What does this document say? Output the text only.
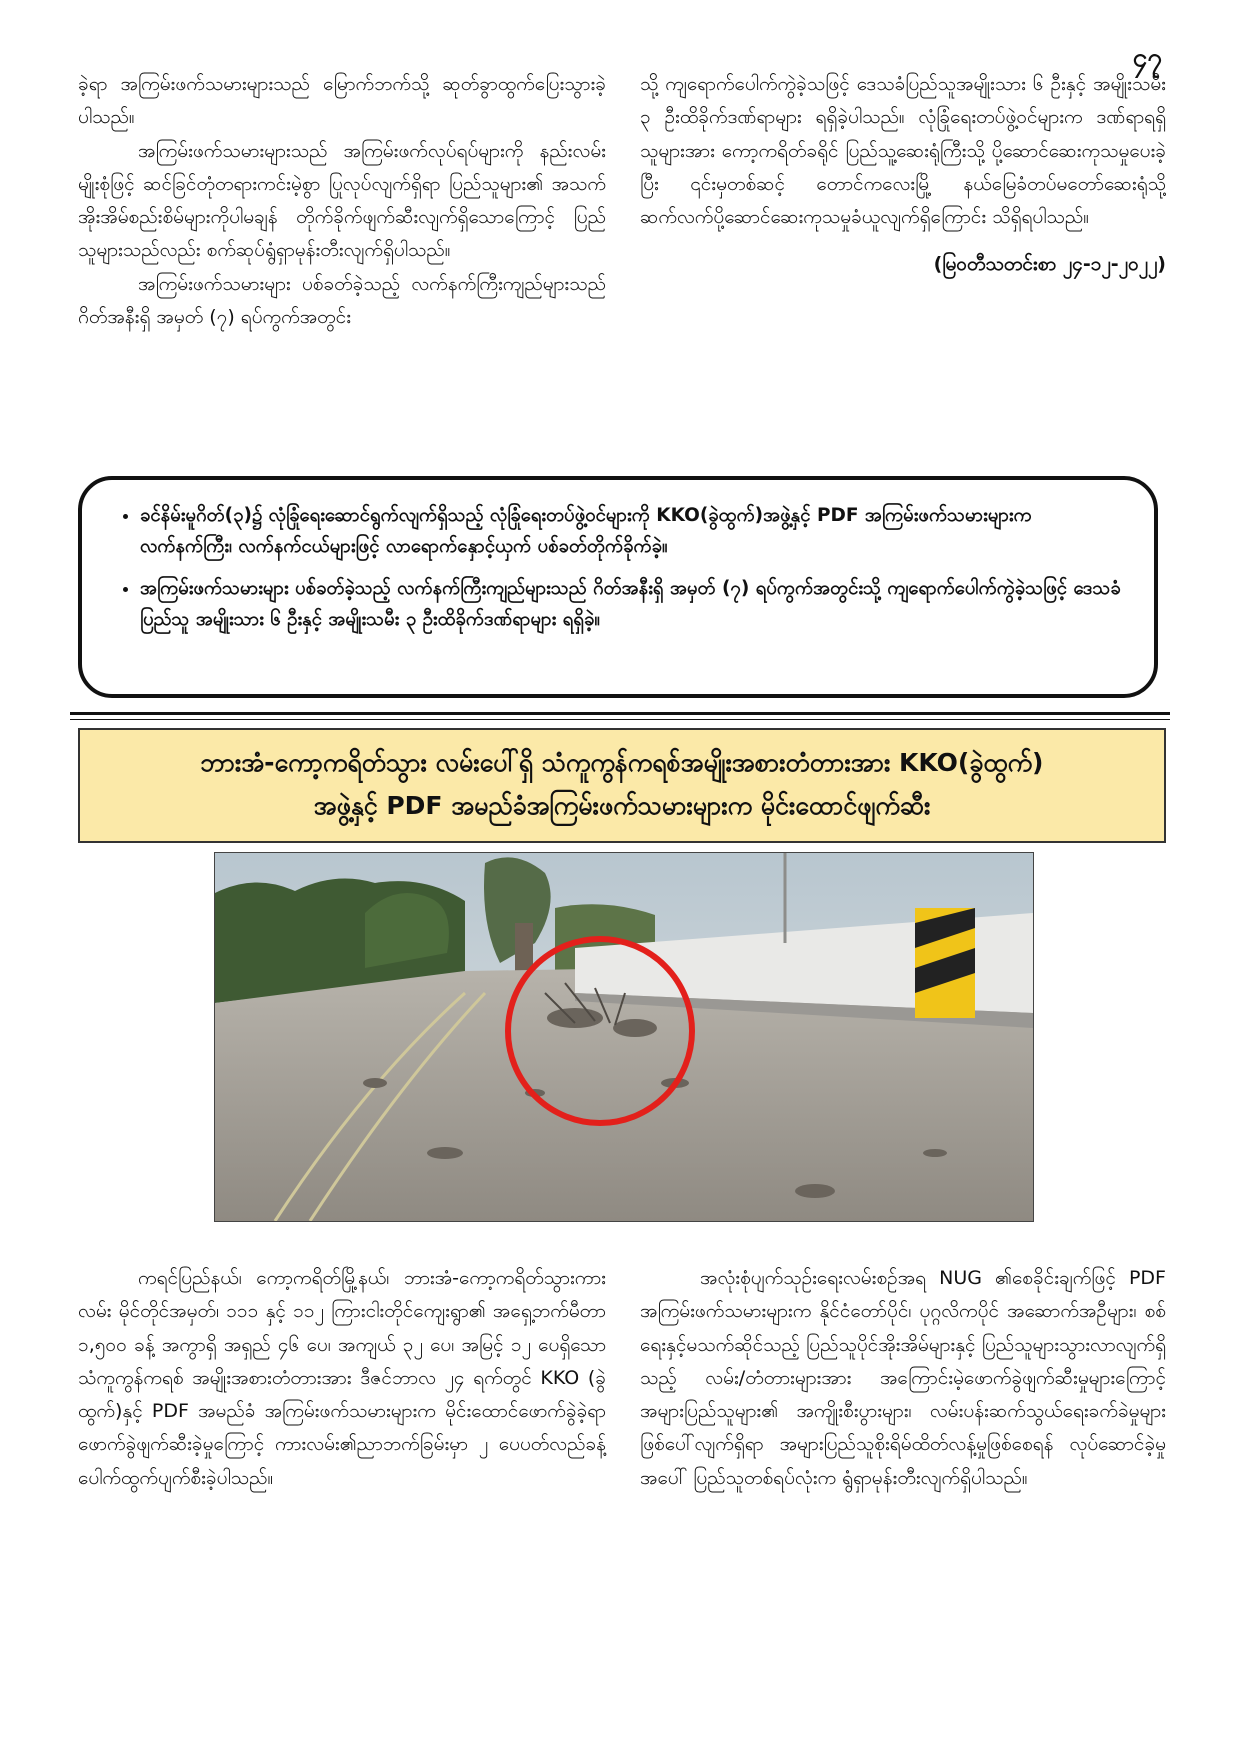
၄၇

ခဲ့ရာ အကြမ်းဖက်သမားများသည် မြောက်ဘက်သို့ ဆုတ်ခွာထွက်ပြေးသွားခဲ့ပါသည်။

အကြမ်းဖက်သမားများသည် အကြမ်းဖက်လုပ်ရပ်များကို နည်းလမ်းမျိုးစုံဖြင့် ဆင်ခြင်တုံတရားကင်းမဲ့စွာ ပြုလုပ်လျက်ရှိရာ ပြည်သူများ၏ အသက်အိုးအိမ်စည်းစိမ်များကိုပါမချန် တိုက်ခိုက်ဖျက်ဆီးလျက်ရှိသောကြောင့် ပြည်သူများသည်လည်း စက်ဆုပ်ရွံရှာမုန်းတီးလျက်ရှိပါသည်။

အကြမ်းဖက်သမားများ ပစ်ခတ်ခဲ့သည့် လက်နက်ကြီးကျည်များသည် ဂိတ်အနီးရှိ အမှတ် (၇) ရပ်ကွက်အတွင်း

သို့ ကျရောက်ပေါက်ကွဲခဲ့သဖြင့် ဒေသခံပြည်သူအမျိုးသား ၆ ဦးနှင့် အမျိုးသမီး ၃ ဦးထိခိုက်ဒဏ်ရာများ ရရှိခဲ့ပါသည်။ လုံခြုံရေးတပ်ဖွဲ့ဝင်များက ဒဏ်ရာရရှိသူများအား ကော့ကရိတ်ခရိုင် ပြည်သူ့ဆေးရုံကြီးသို့ ပို့ဆောင်ဆေးကုသမှုပေးခဲ့ပြီး ၎င်းမှတစ်ဆင့် တောင်ကလေးမြို့ နယ်မြေခံတပ်မတော်ဆေးရုံသို့ ဆက်လက်ပို့ဆောင်ဆေးကုသမှုခံယူလျက်ရှိကြောင်း သိရှိရပါသည်။

(မြဝတီသတင်းစာ ၂၄-၁၂-၂၀၂၂)

• ခင်နိမ်းမူဂိတ်(၃)၌ လုံခြုံရေးဆောင်ရွက်လျက်ရှိသည့် လုံခြုံရေးတပ်ဖွဲ့ဝင်များကို KKO(ခွဲထွက်)အဖွဲ့နှင့် PDF အကြမ်းဖက်သမားများက လက်နက်ကြီး၊ လက်နက်ငယ်များဖြင့် လာရောက်နှောင့်ယှက် ပစ်ခတ်တိုက်ခိုက်ခဲ့။
• အကြမ်းဖက်သမားများ ပစ်ခတ်ခဲ့သည့် လက်နက်ကြီးကျည်များသည် ဂိတ်အနီးရှိ အမှတ် (၇) ရပ်ကွက်အတွင်းသို့ ကျရောက်ပေါက်ကွဲခဲ့သဖြင့် ဒေသခံပြည်သူ အမျိုးသား ၆ ဦးနှင့် အမျိုးသမီး ၃ ဦးထိခိုက်ဒဏ်ရာများ ရရှိခဲ့။
ဘားအံ-ကော့ကရိတ်သွား လမ်းပေါ်ရှိ သံကူကွန်ကရစ်အမျိုးအစားတံတားအား KKO(ခွဲထွက်)
အဖွဲ့နှင့် PDF အမည်ခံအကြမ်းဖက်သမားများက မိုင်းထောင်ဖျက်ဆီး

ကရင်ပြည်နယ်၊ ကော့ကရိတ်မြို့နယ်၊ ဘားအံ-ကော့ကရိတ်သွားကားလမ်း မိုင်တိုင်အမှတ်၊ ၁၁၁ နှင့် ၁၁၂ ကြားငါးတိုင်ကျေးရွာ၏ အရှေ့ဘက်မီတာ ၁,၅၀၀ ခန့် အကွာရှိ အရှည် ၄၆ ပေ၊ အကျယ် ၃၂ ပေ၊ အမြင့် ၁၂ ပေရှိသော သံကူကွန်ကရစ် အမျိုးအစားတံတားအား ဒီဇင်ဘာလ ၂၄ ရက်တွင် KKO (ခွဲထွက်)နှင့် PDF အမည်ခံ အကြမ်းဖက်သမားများက မိုင်းထောင်ဖောက်ခွဲခဲ့ရာ ဖောက်ခွဲဖျက်ဆီးခဲ့မှုကြောင့် ကားလမ်း၏ညာဘက်ခြမ်းမှာ ၂ ပေပတ်လည်ခန့် ပေါက်ထွက်ပျက်စီးခဲ့ပါသည်။

အလုံးစုံပျက်သုဉ်းရေးလမ်းစဉ်အရ NUG ၏စေခိုင်းချက်ဖြင့် PDF အကြမ်းဖက်သမားများက နိုင်ငံတော်ပိုင်၊ ပုဂ္ဂလိကပိုင် အဆောက်အဦများ၊ စစ်ရေးနှင့်မသက်ဆိုင်သည့် ပြည်သူပိုင်အိုးအိမ်များနှင့် ပြည်သူများသွားလာလျက်ရှိသည့် လမ်း/တံတားများအား အကြောင်းမဲ့ဖောက်ခွဲဖျက်ဆီးမှုများကြောင့် အများပြည်သူများ၏ အကျိုးစီးပွားများ၊ လမ်းပန်းဆက်သွယ်ရေးခက်ခဲမှုများဖြစ်ပေါ်လျက်ရှိရာ အများပြည်သူစိုးရိမ်ထိတ်လန့်မှုဖြစ်စေရန် လုပ်ဆောင်ခဲ့မှုအပေါ် ပြည်သူတစ်ရပ်လုံးက ရွံရှာမုန်းတီးလျက်ရှိပါသည်။
